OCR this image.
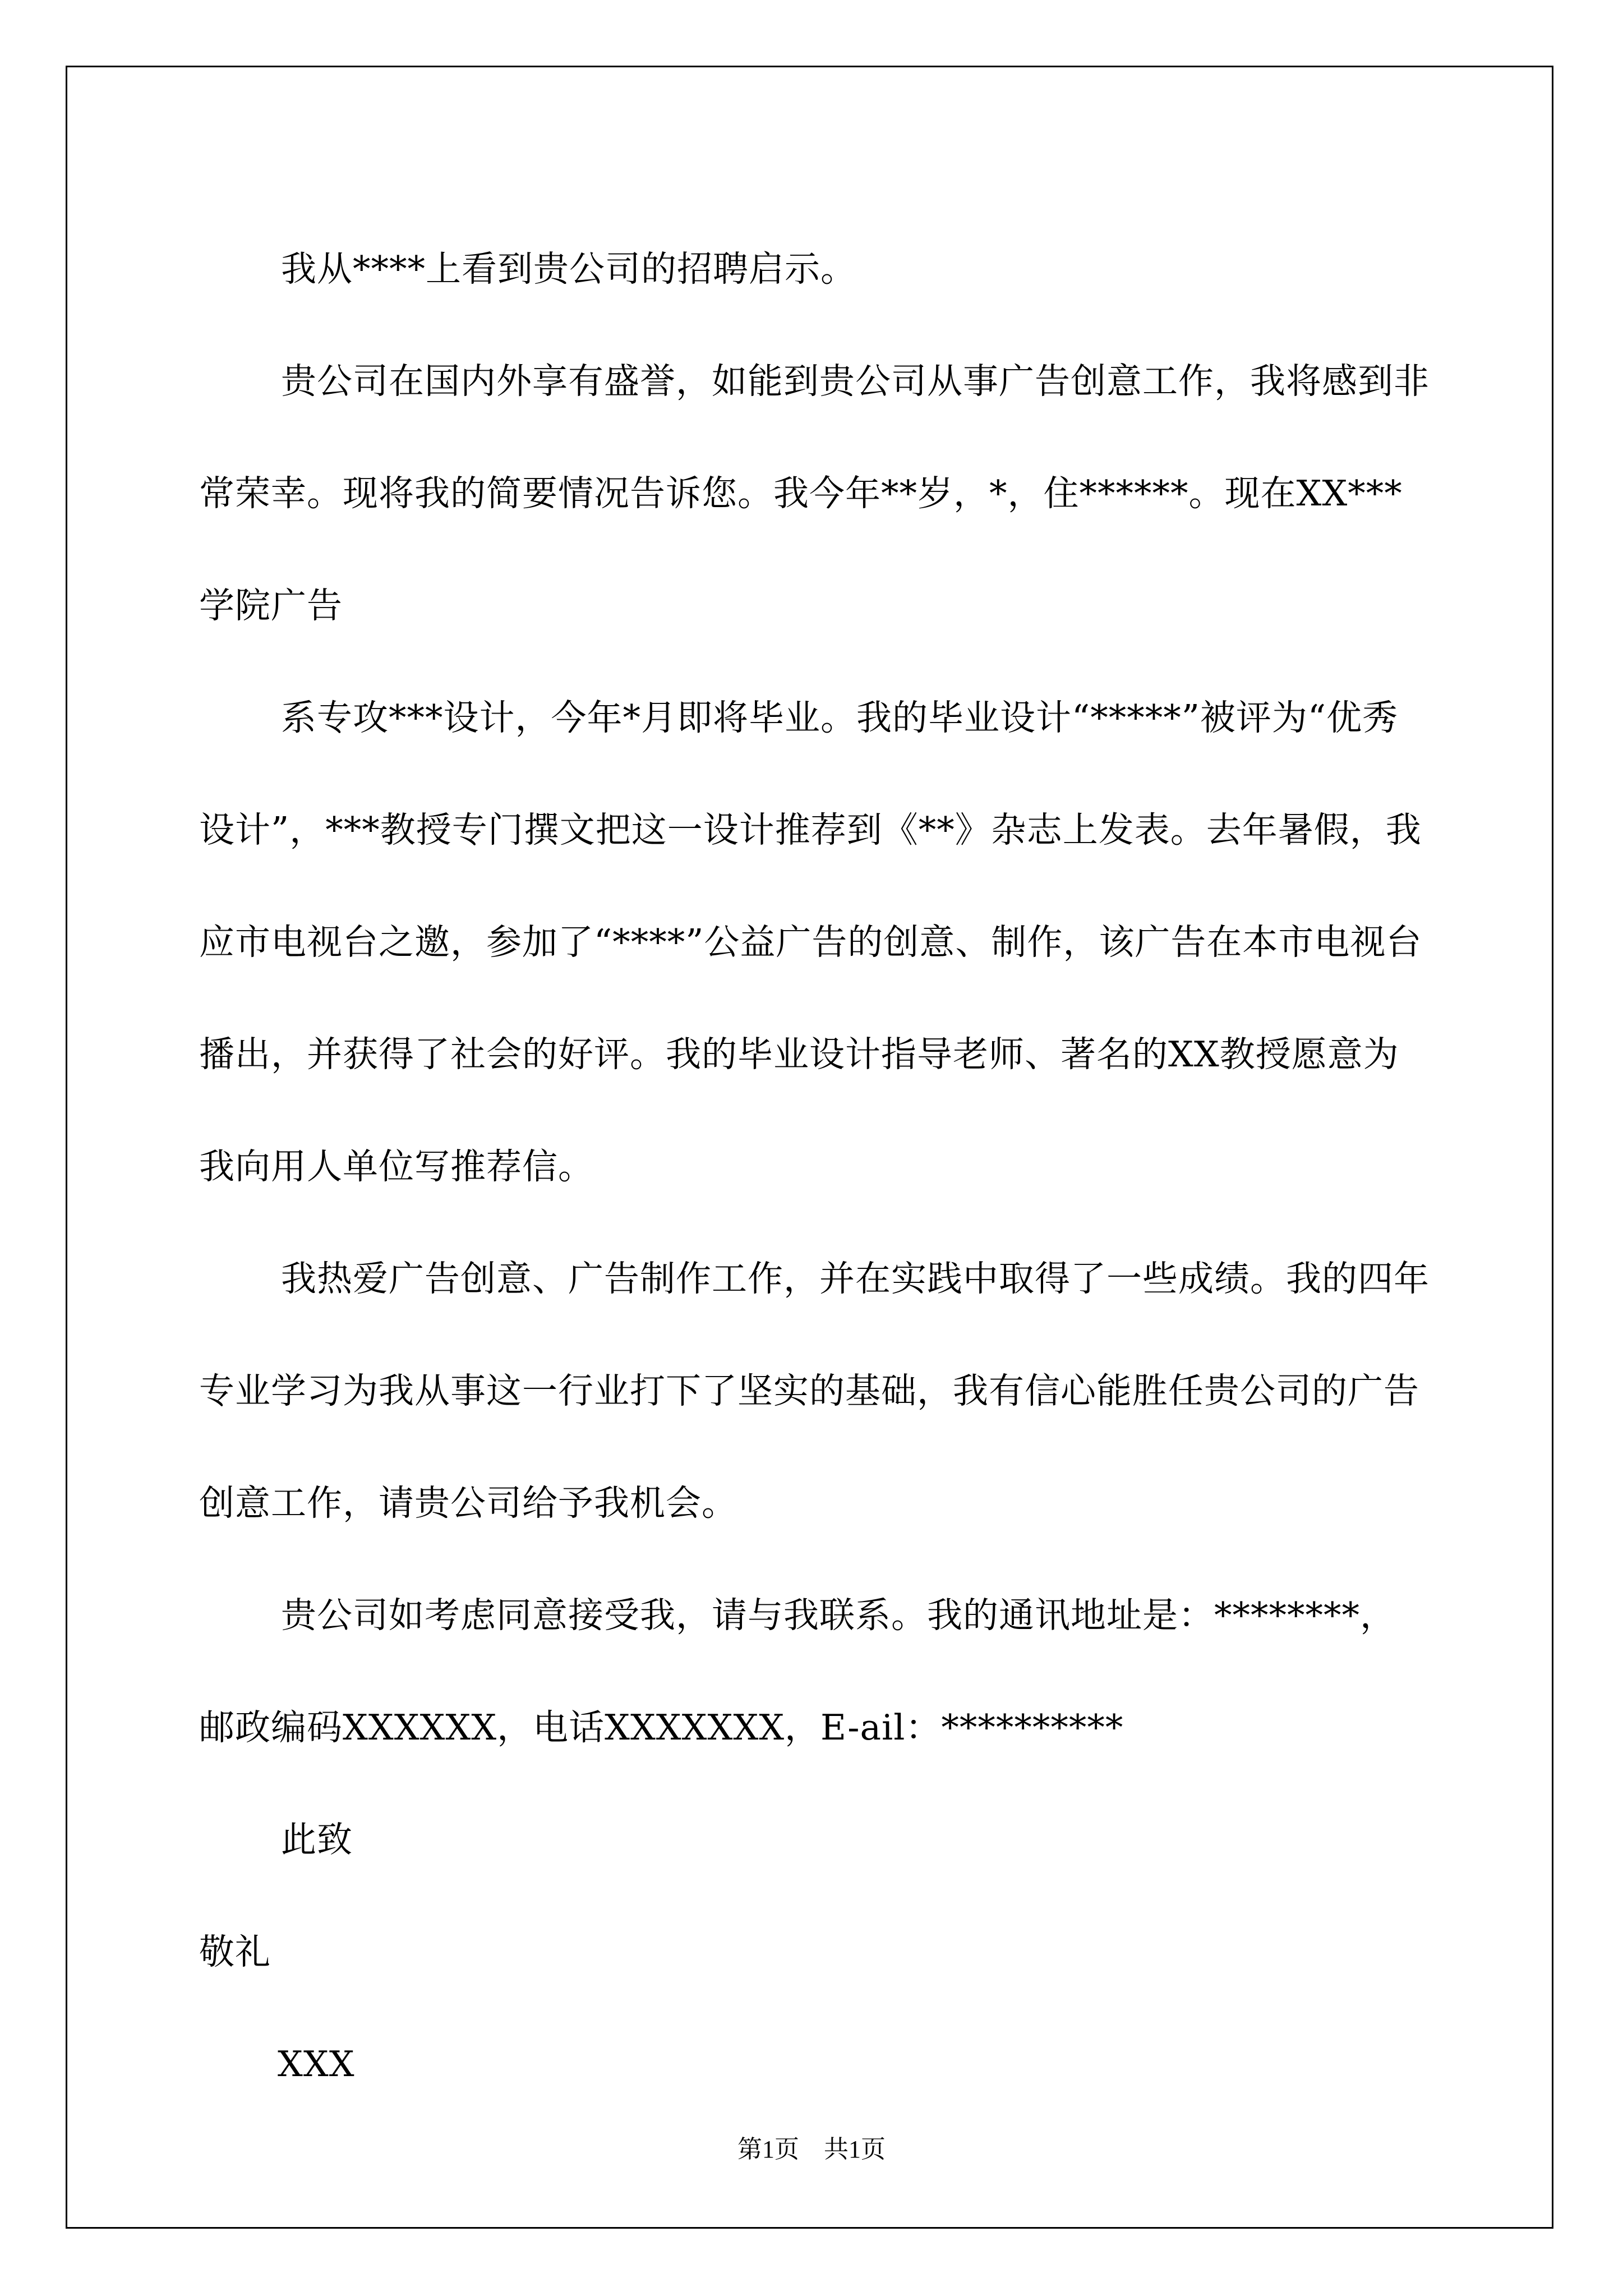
我从****上看到贵公司的招聘启示。

贵公司在国内外享有盛誉，如能到贵公司从事广告创意工作，我将感到非常荣幸。现将我的简要情况告诉您。我今年**岁，*，住******。现在XX***学院广告

系专攻***设计，今年*月即将毕业。我的毕业设计“*****”被评为“优秀设计”，***教授专门撰文把这一设计推荐到《**》杂志上发表。去年暑假，我应市电视台之邀，参加了“****”公益广告的创意、制作，该广告在本市电视台播出，并获得了社会的好评。我的毕业设计指导老师、著名的XX教授愿意为我向用人单位写推荐信。

我热爱广告创意、广告制作工作，并在实践中取得了一些成绩。我的四年专业学习为我从事这一行业打下了坚实的基础，我有信心能胜任贵公司的广告创意工作，请贵公司给予我机会。

贵公司如考虑同意接受我，请与我联系。我的通讯地址是：********，邮政编码XXXXXX，电话XXXXXXX，E-ail：**********

此致

敬礼

XXX

第1页　共1页
